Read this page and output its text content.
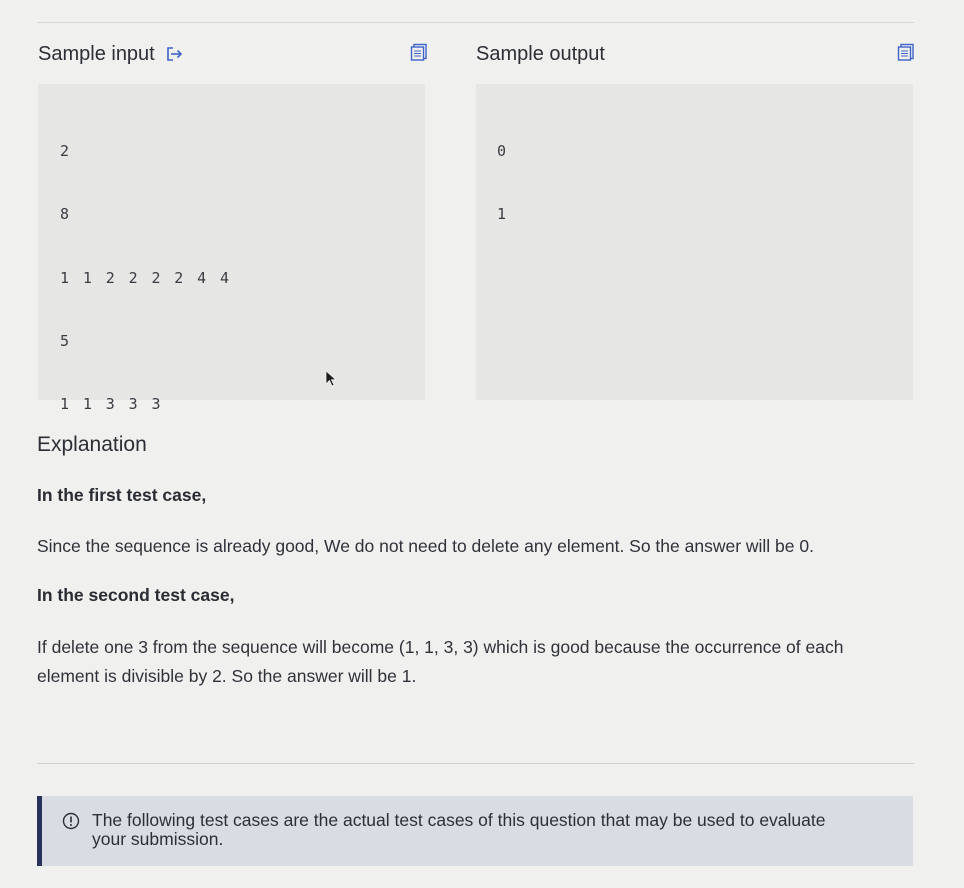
Sample input	Sample output

2

8

1 1 2 2 2 2 4 4

5

1 1 3 3 3

0

1

Explanation
In the first test case,
Since the sequence is already good, We do not need to delete any element. So the answer will be 0.
In the second test case,
If delete one 3 from the sequence will become (1, 1, 3, 3) which is good because the occurrence of each element is divisible by 2. So the answer will be 1.
The following test cases are the actual test cases of this question that may be used to evaluate your submission.
